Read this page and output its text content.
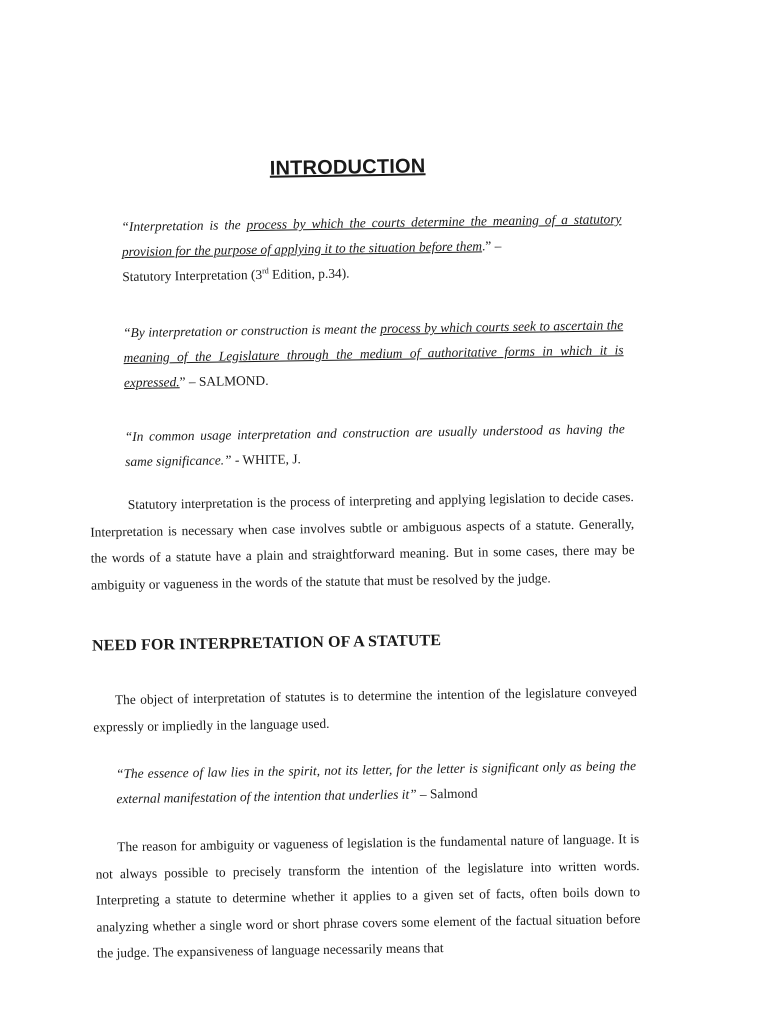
INTRODUCTION
“Interpretation is the process by which the courts determine the meaning of a statutory provision for the purpose of applying it to the situation before them.” –
Statutory Interpretation (3rd Edition, p.34).
“By interpretation or construction is meant the process by which courts seek to ascertain the meaning of the Legislature through the medium of authoritative forms in which it is expressed.” – SALMOND.
“In common usage interpretation and construction are usually understood as having the same significance.” - WHITE, J.
Statutory interpretation is the process of interpreting and applying legislation to decide cases. Interpretation is necessary when case involves subtle or ambiguous aspects of a statute. Generally, the words of a statute have a plain and straightforward meaning. But in some cases, there may be ambiguity or vagueness in the words of the statute that must be resolved by the judge.
NEED FOR INTERPRETATION OF A STATUTE
The object of interpretation of statutes is to determine the intention of the legislature conveyed expressly or impliedly in the language used.
“The essence of law lies in the spirit, not its letter, for the letter is significant only as being the external manifestation of the intention that underlies it” – Salmond
The reason for ambiguity or vagueness of legislation is the fundamental nature of language. It is not always possible to precisely transform the intention of the legislature into written words. Interpreting a statute to determine whether it applies to a given set of facts, often boils down to analyzing whether a single word or short phrase covers some element of the factual situation before the judge. The expansiveness of language necessarily means that
